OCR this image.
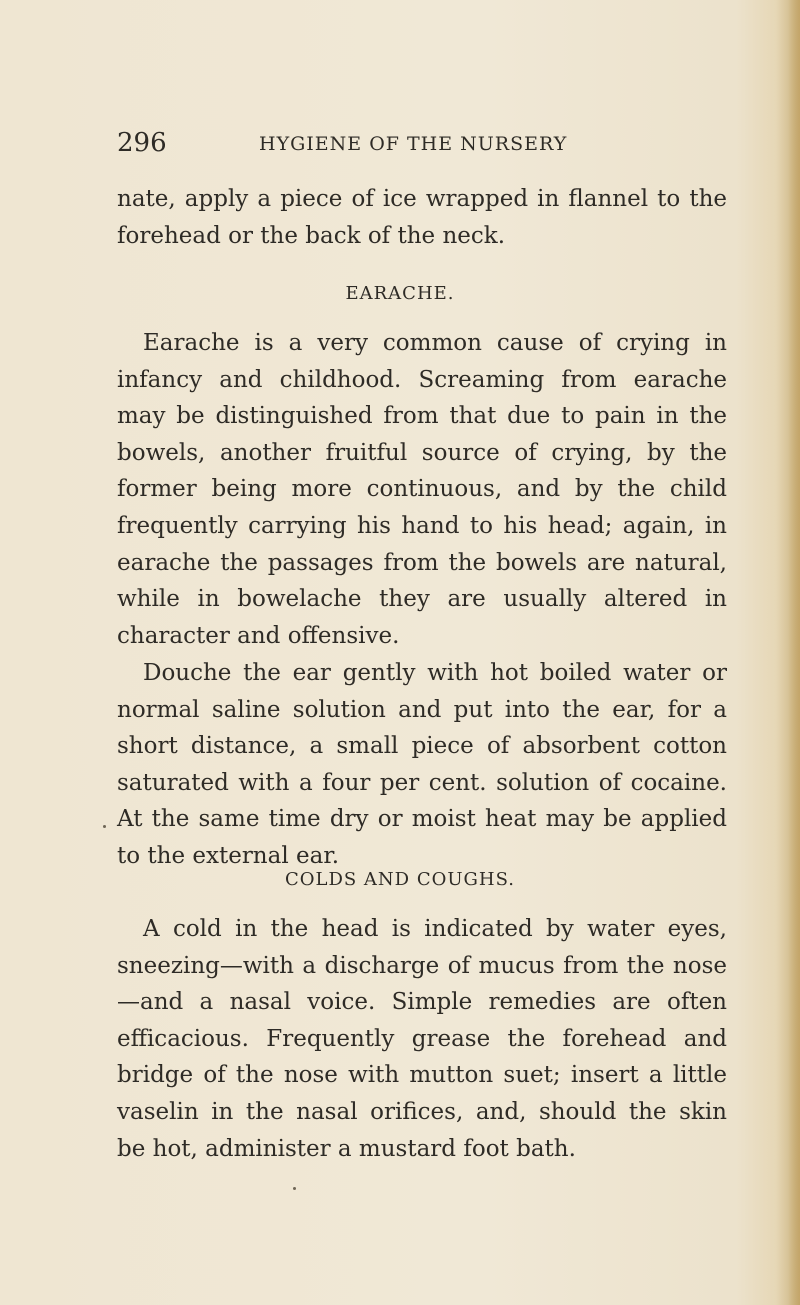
296	HYGIENE OF THE NURSERY
nate, apply a piece of ice wrapped in flannel to the
forehead or the back of the neck.
EARACHE.
Earache is a very common cause of crying in
infancy and childhood. Screaming from earache
may be distinguished from that due to pain in the
bowels, another fruitful source of crying, by the
former being more continuous, and by the child
frequently carrying his hand to his head; again, in
earache the passages from the bowels are natural,
while in bowelache they are usually altered in
character and offensive.
Douche the ear gently with hot boiled water or
normal saline solution and put into the ear, for a
short distance, a small piece of absorbent cotton
saturated with a four per cent. solution of cocaine.
At the same time dry or moist heat may be applied
to the external ear.
COLDS AND COUGHS.
A cold in the head is indicated by water eyes,
sneezing—with a discharge of mucus from the nose
—and a nasal voice. Simple remedies are often
efficacious. Frequently grease the forehead and
bridge of the nose with mutton suet; insert a little
vaselin in the nasal orifices, and, should the skin
be hot, administer a mustard foot bath.
